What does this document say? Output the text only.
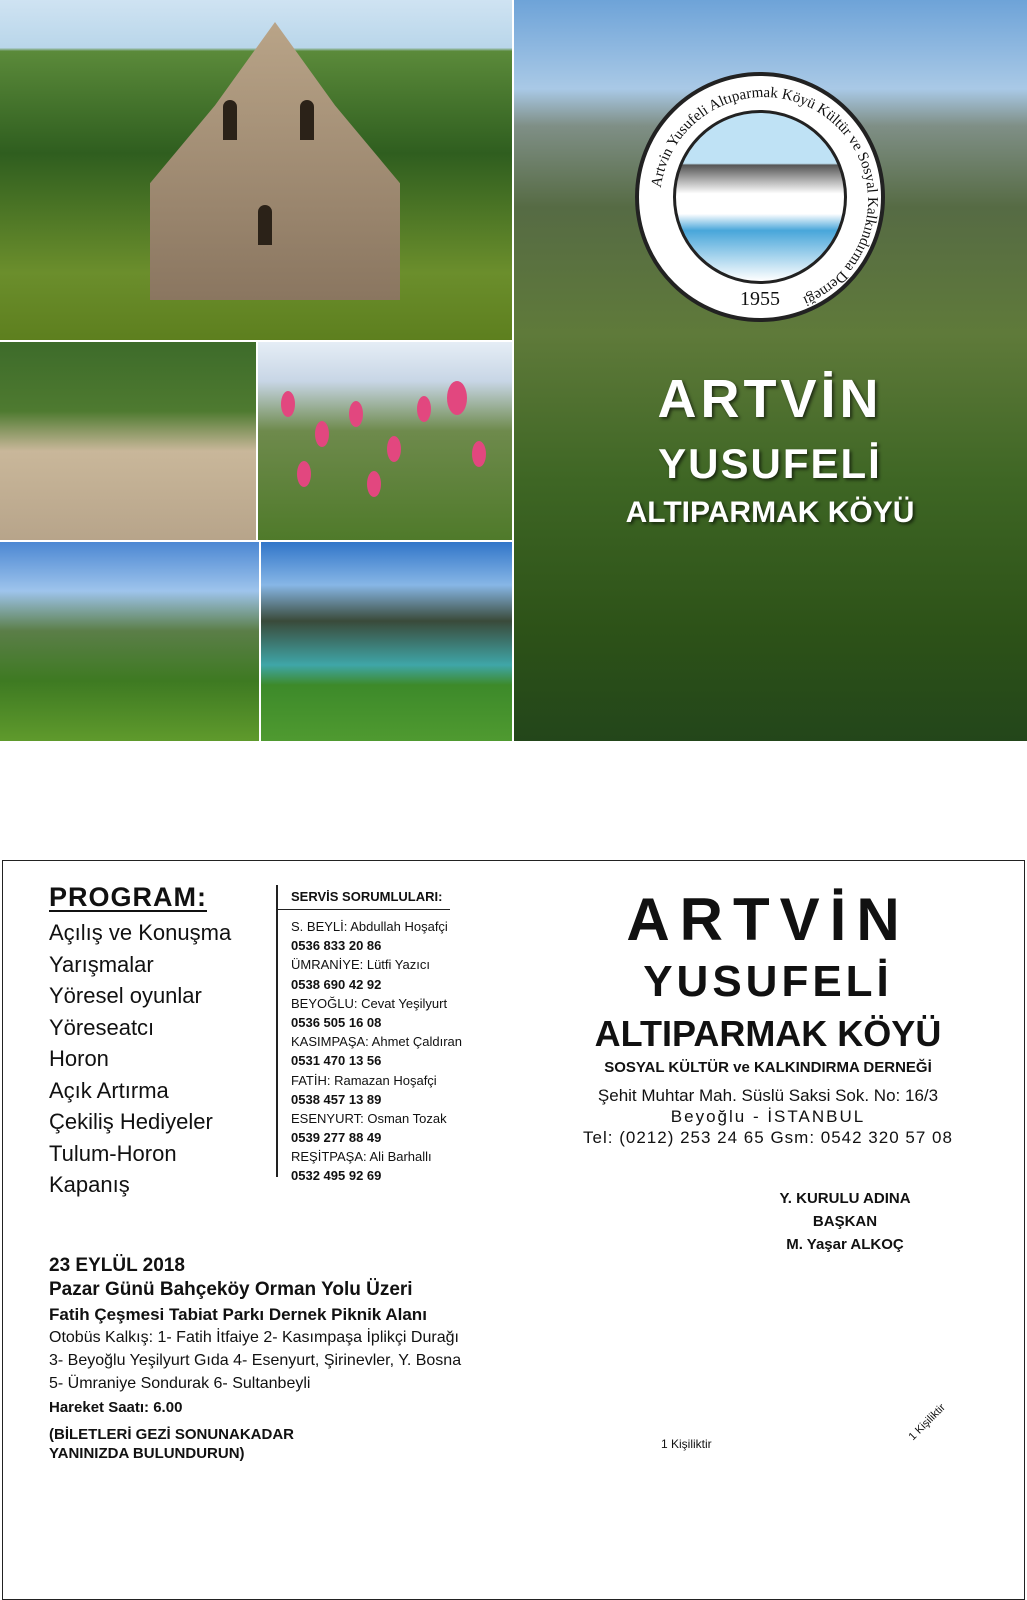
Artvin Yusufeli Altıparmak Köyü Kültür ve Sosyal Kalkındırma Derneği
1955
ARTVİN
YUSUFELİ
ALTIPARMAK KÖYÜ
PROGRAM:
Açılış ve Konuşma
Yarışmalar
Yöresel oyunlar
Yöreseatcı
Horon
Açık Artırma
Çekiliş Hediyeler
Tulum-Horon
Kapanış
SERVİS SORUMLULARI:
S. BEYLİ: Abdullah Hoşafçi
0536 833 20 86
ÜMRANİYE: Lütfi Yazıcı
0538 690 42 92
BEYOĞLU: Cevat Yeşilyurt
0536 505 16 08
KASIMPAŞA: Ahmet Çaldıran
0531 470 13 56
FATİH: Ramazan Hoşafçi
0538 457 13 89
ESENYURT: Osman Tozak
0539 277 88 49
REŞİTPAŞA: Ali Barhallı
0532 495 92 69
ARTVİN
YUSUFELİ
ALTIPARMAK KÖYÜ
SOSYAL KÜLTÜR ve KALKINDIRMA DERNEĞİ
Şehit Muhtar Mah. Süslü Saksi Sok. No: 16/3
Beyoğlu - İSTANBUL
Tel: (0212) 253 24 65 Gsm: 0542 320 57 08
Y. KURULU ADINA
BAŞKAN
M. Yaşar ALKOÇ
23 EYLÜL 2018
Pazar Günü Bahçeköy Orman Yolu Üzeri
Fatih Çeşmesi Tabiat Parkı Dernek Piknik Alanı
Otobüs Kalkış: 1- Fatih İtfaiye 2- Kasımpaşa İplikçi Durağı
3- Beyoğlu Yeşilyurt Gıda 4- Esenyurt, Şirinevler, Y. Bosna
5- Ümraniye Sondurak 6- Sultanbeyli
Hareket Saatı: 6.00
(BİLETLERİ GEZİ SONUNAKADAR YANINIZDA BULUNDURUN)
1 Kişiliktir
1 Kişiliktir
